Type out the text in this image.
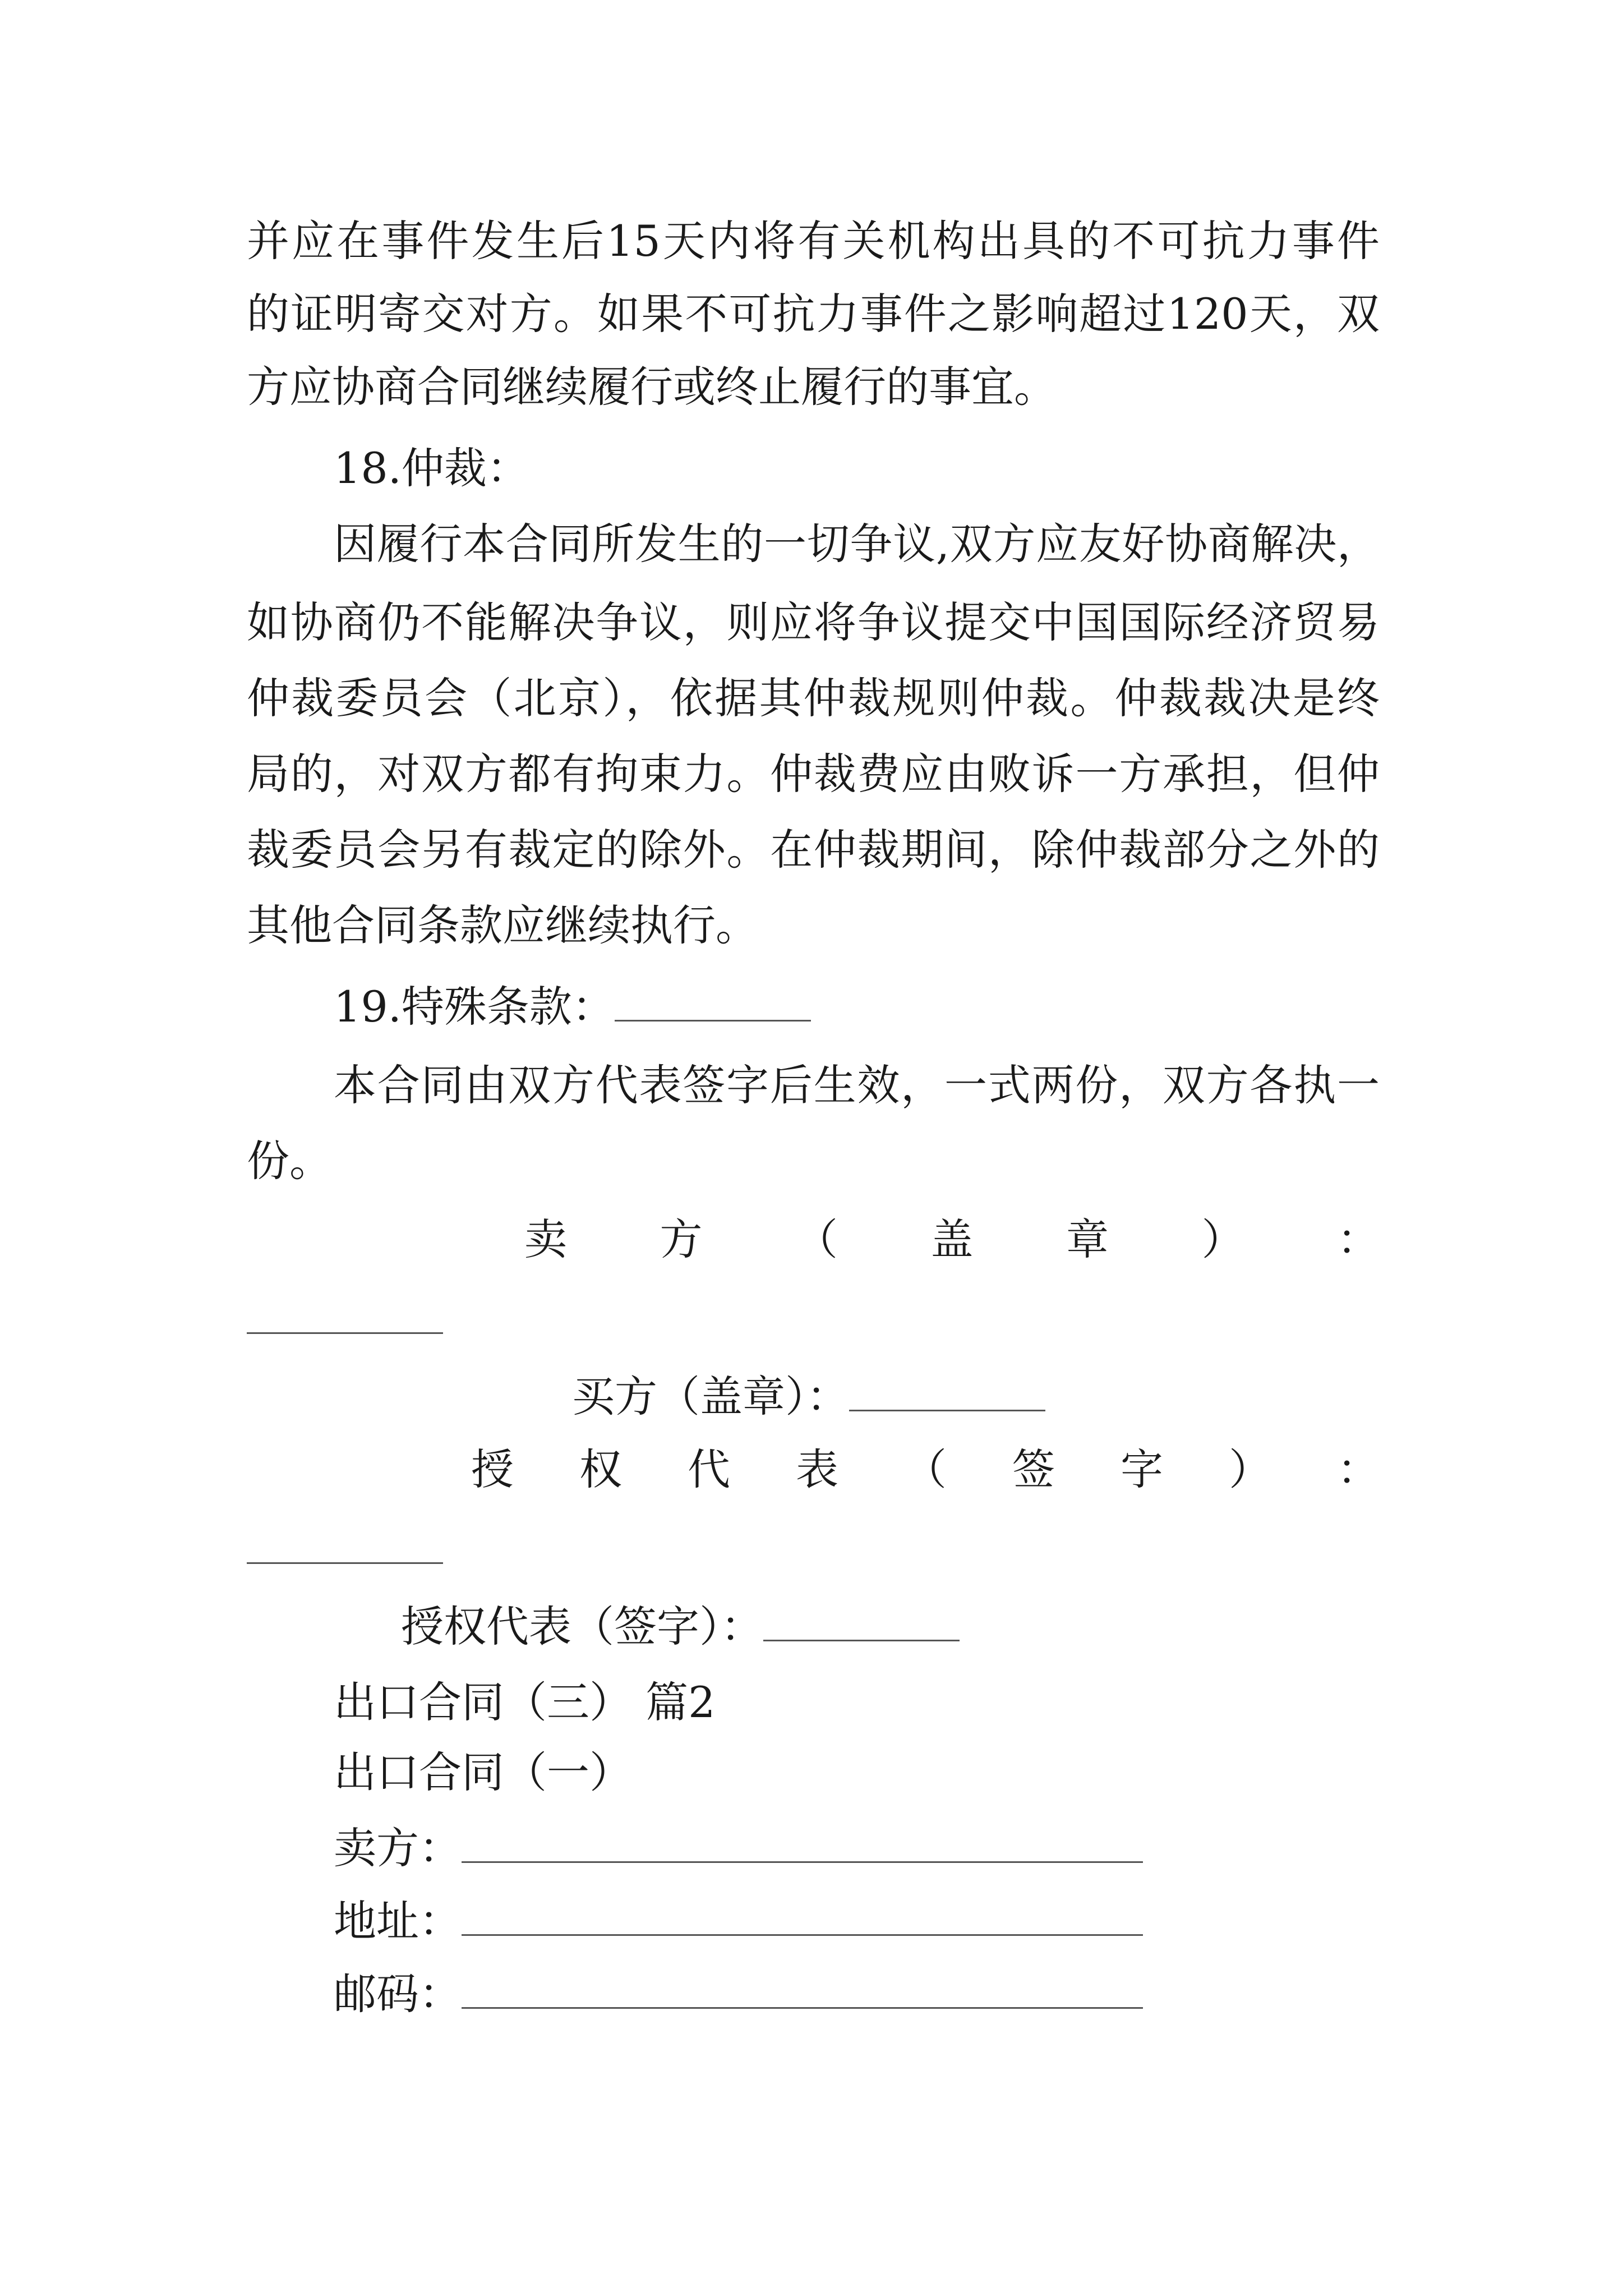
并应在事件发生后15天内将有关机构出具的不可抗力事件
的证明寄交对方。如果不可抗力事件之影响超过120天，双
方应协商合同继续履行或终止履行的事宜。
18.仲裁：
因履行本合同所发生的一切争议,双方应友好协商解决，
如协商仍不能解决争议，则应将争议提交中国国际经济贸易
仲裁委员会（北京），依据其仲裁规则仲裁。仲裁裁决是终
局的，对双方都有拘束力。仲裁费应由败诉一方承担，但仲
裁委员会另有裁定的除外。在仲裁期间，除仲裁部分之外的
其他合同条款应继续执行。
19.特殊条款：
本合同由双方代表签字后生效，一式两份，双方各执一
份。
卖 方 （ 盖 章 ） ：
买方（盖章）：
授 权 代 表 （ 签 字 ） ：
授权代表（签字）：
出口合同（三） 篇2
出口合同（一）
卖方：
地址：
邮码：
